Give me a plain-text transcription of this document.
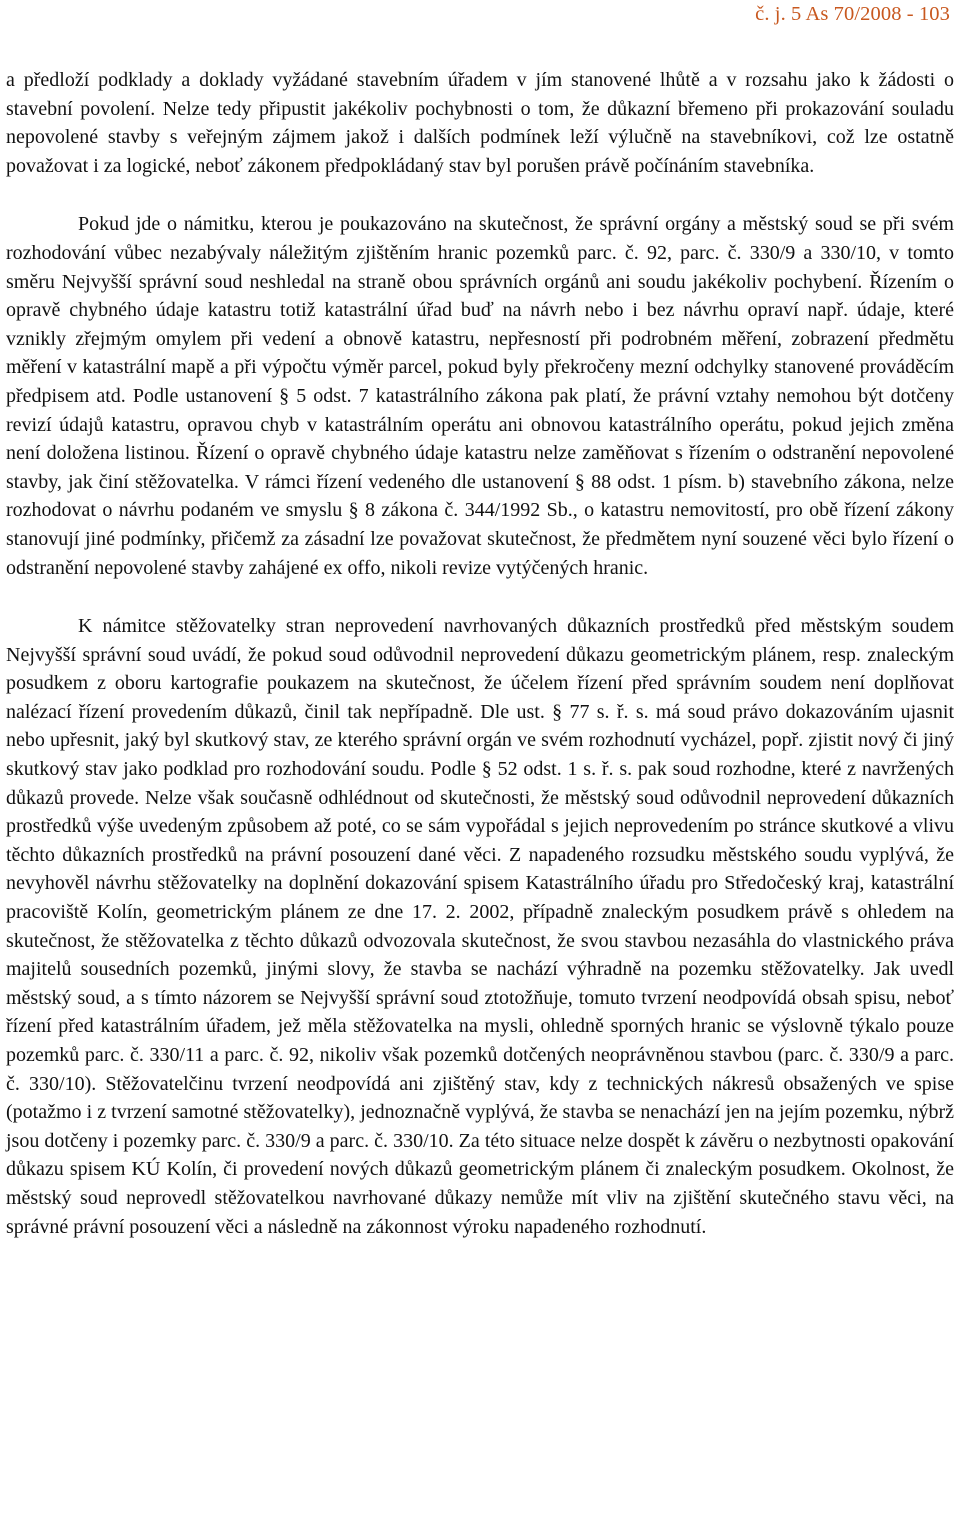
č. j. 5 As 70/2008 - 103

a předloží podklady a doklady vyžádané stavebním úřadem v jím stanovené lhůtě a v rozsahu jako k žádosti o stavební povolení. Nelze tedy připustit jakékoliv pochybnosti o tom, že důkazní břemeno při prokazování souladu nepovolené stavby s veřejným zájmem jakož i dalších podmínek leží výlučně na stavebníkovi, což lze ostatně považovat i za logické, neboť zákonem předpokládaný stav byl porušen právě počínáním stavebníka.

Pokud jde o námitku, kterou je poukazováno na skutečnost, že správní orgány a městský soud se při svém rozhodování vůbec nezabývaly náležitým zjištěním hranic pozemků parc. č. 92, parc. č. 330/9 a 330/10, v tomto směru Nejvyšší správní soud neshledal na straně obou správních orgánů ani soudu jakékoliv pochybení. Řízením o opravě chybného údaje katastru totiž katastrální úřad buď na návrh nebo i bez návrhu opraví např. údaje, které vznikly zřejmým omylem při vedení a obnově katastru, nepřesností při podrobném měření, zobrazení předmětu měření v katastrální mapě a při výpočtu výměr parcel, pokud byly překročeny mezní odchylky stanovené prováděcím předpisem atd. Podle ustanovení § 5 odst. 7 katastrálního zákona pak platí, že právní vztahy nemohou být dotčeny revizí údajů katastru, opravou chyb v katastrálním operátu ani obnovou katastrálního operátu, pokud jejich změna není doložena listinou. Řízení o opravě chybného údaje katastru nelze zaměňovat s řízením o odstranění nepovolené stavby, jak činí stěžovatelka. V rámci řízení vedeného dle ustanovení § 88 odst. 1 písm. b) stavebního zákona, nelze rozhodovat o návrhu podaném ve smyslu § 8 zákona č. 344/1992 Sb., o katastru nemovitostí, pro obě řízení zákony stanovují jiné podmínky, přičemž za zásadní lze považovat skutečnost, že předmětem nyní souzené věci bylo řízení o odstranění nepovolené stavby zahájené ex offo, nikoli revize vytýčených hranic.

K námitce stěžovatelky stran neprovedení navrhovaných důkazních prostředků před městským soudem Nejvyšší správní soud uvádí, že pokud soud odůvodnil neprovedení důkazu geometrickým plánem, resp. znaleckým posudkem z oboru kartografie poukazem na skutečnost, že účelem řízení před správním soudem není doplňovat nalézací řízení provedením důkazů, činil tak nepřípadně. Dle ust. § 77 s. ř. s. má soud právo dokazováním ujasnit nebo upřesnit, jaký byl skutkový stav, ze kterého správní orgán ve svém rozhodnutí vycházel, popř. zjistit nový či jiný skutkový stav jako podklad pro rozhodování soudu. Podle § 52 odst. 1 s. ř. s. pak soud rozhodne, které z navržených důkazů provede. Nelze však současně odhlédnout od skutečnosti, že městský soud odůvodnil neprovedení důkazních prostředků výše uvedeným způsobem až poté, co se sám vypořádal s jejich neprovedením po stránce skutkové a vlivu těchto důkazních prostředků na právní posouzení dané věci. Z napadeného rozsudku městského soudu vyplývá, že nevyhověl návrhu stěžovatelky na doplnění dokazování spisem Katastrálního úřadu pro Středočeský kraj, katastrální pracoviště Kolín, geometrickým plánem ze dne 17. 2. 2002, případně znaleckým posudkem právě s ohledem na skutečnost, že stěžovatelka z těchto důkazů odvozovala skutečnost, že svou stavbou nezasáhla do vlastnického práva majitelů sousedních pozemků, jinými slovy, že stavba se nachází výhradně na pozemku stěžovatelky. Jak uvedl městský soud, a s tímto názorem se Nejvyšší správní soud ztotožňuje, tomuto tvrzení neodpovídá obsah spisu, neboť řízení před katastrálním úřadem, jež měla stěžovatelka na mysli, ohledně sporných hranic se výslovně týkalo pouze pozemků parc. č. 330/11 a parc. č. 92, nikoliv však pozemků dotčených neoprávněnou stavbou (parc. č. 330/9 a parc. č. 330/10). Stěžovatelčinu tvrzení neodpovídá ani zjištěný stav, kdy z technických nákresů obsažených ve spise (potažmo i z tvrzení samotné stěžovatelky), jednoznačně vyplývá, že stavba se nenachází jen na jejím pozemku, nýbrž jsou dotčeny i pozemky parc. č. 330/9 a parc. č. 330/10. Za této situace nelze dospět k závěru o nezbytnosti opakování důkazu spisem KÚ Kolín, či provedení nových důkazů geometrickým plánem či znaleckým posudkem. Okolnost, že městský soud neprovedl stěžovatelkou navrhované důkazy nemůže mít vliv na zjištění skutečného stavu věci, na správné právní posouzení věci a následně na zákonnost výroku napadeného rozhodnutí.
